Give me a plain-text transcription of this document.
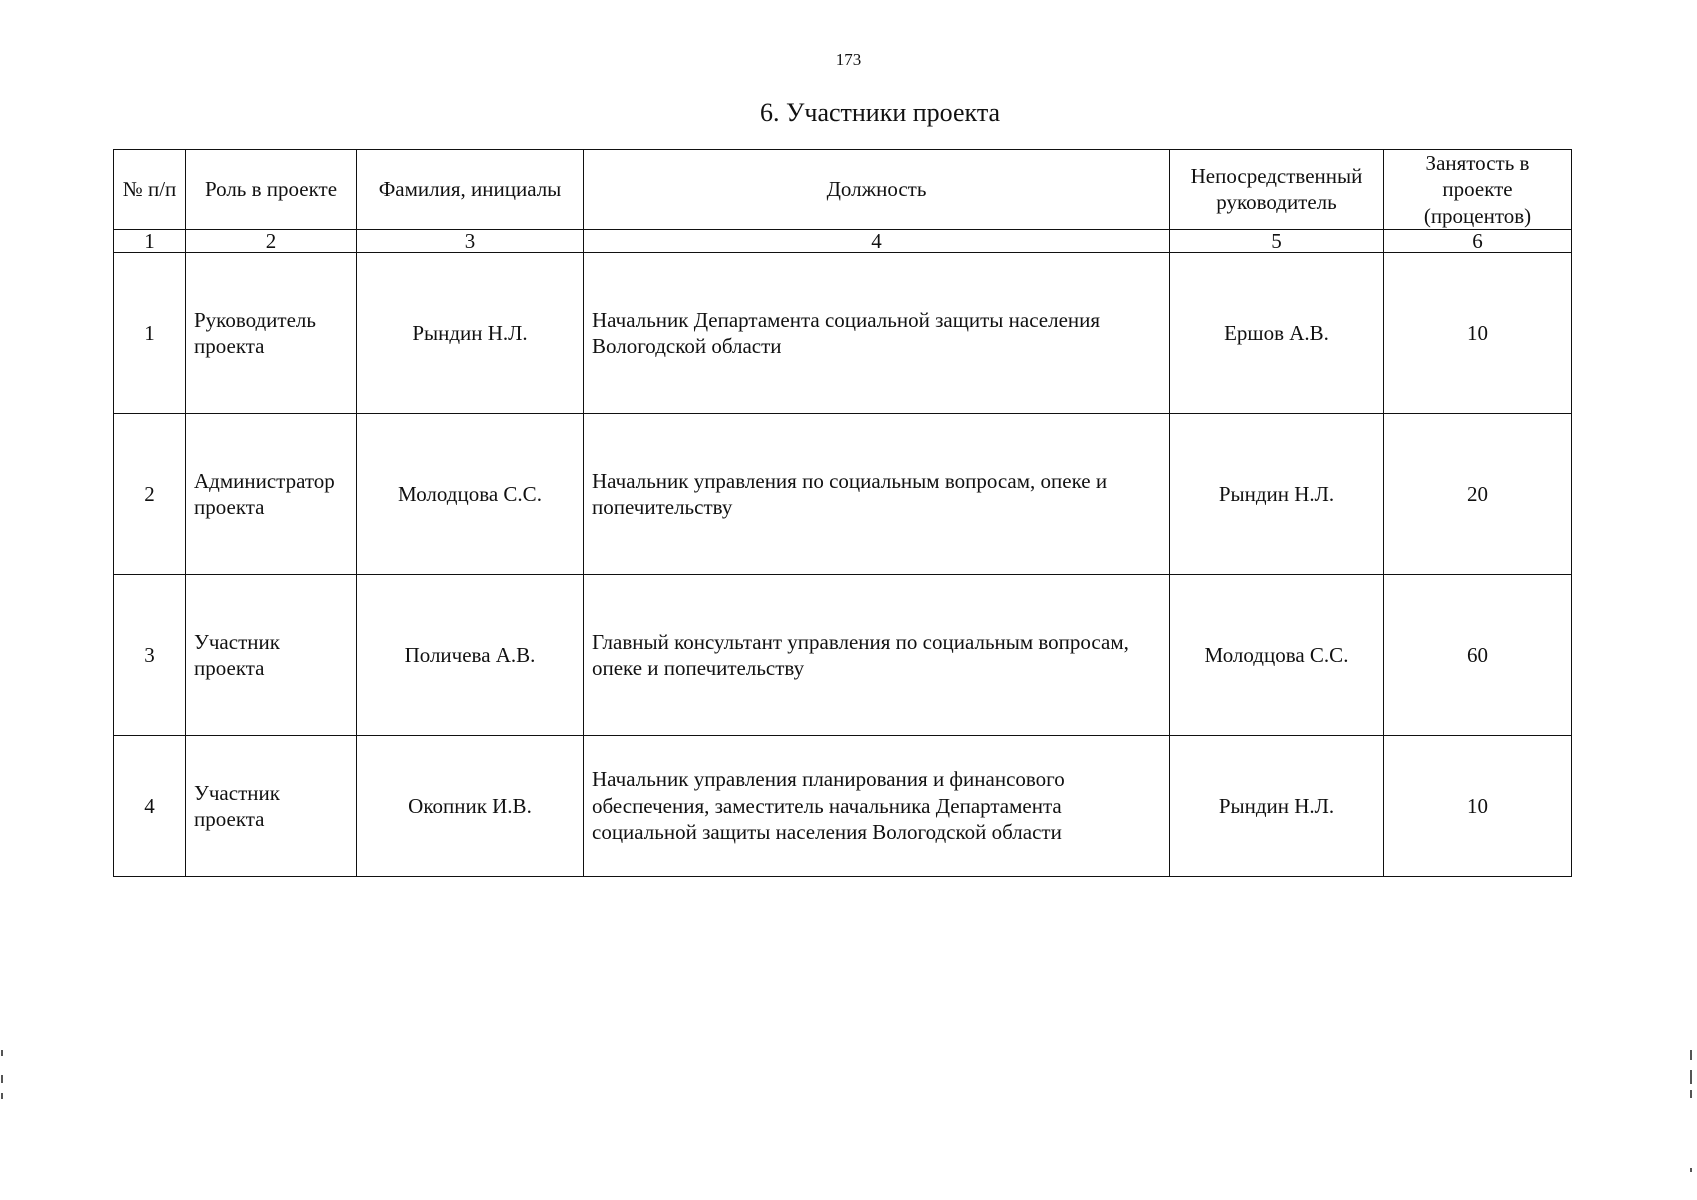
173
6. Участники проекта
№ п/п	Роль в проекте	Фамилия, инициалы	Должность	Непосредственный руководитель	Занятость в проекте (процентов)
1	2	3	4	5	6
1	Руководитель проекта	Рындин Н.Л.	Начальник Департамента социальной защиты населения Вологодской области	Ершов А.В.	10
2	Администратор проекта	Молодцова С.С.	Начальник управления по социальным вопросам, опеке и попечительству	Рындин Н.Л.	20
3	Участник проекта	Поличева А.В.	Главный консультант управления по социальным вопросам, опеке и попечительству	Молодцова С.С.	60
4	Участник проекта	Окопник И.В.	Начальник управления планирования и финансового обеспечения, заместитель начальника Департамента социальной защиты населения Вологодской области	Рындин Н.Л.	10
